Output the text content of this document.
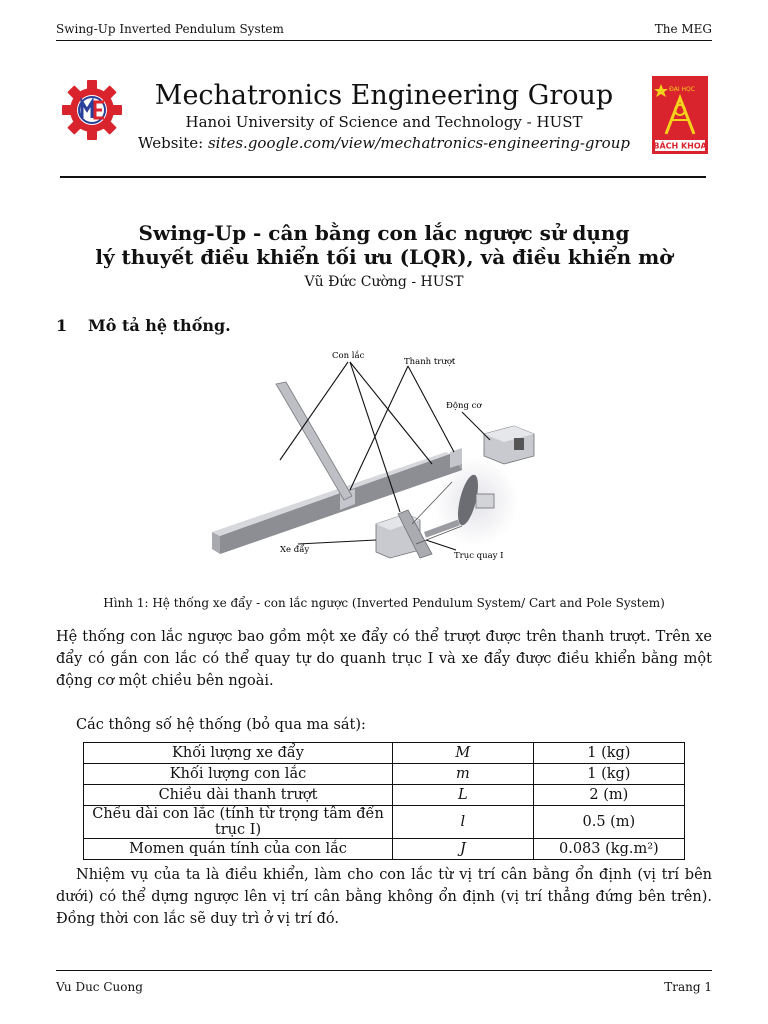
Swing-Up Inverted Pendulum System	The MEG
Mechatronics Engineering Group
Hanoi University of Science and Technology - HUST
Website: sites.google.com/view/mechatronics-engineering-group
ĐẠI HỌC
BÁCH KHOA
Swing-Up - cân bằng con lắc ngược sử dụng
lý thuyết điều khiển tối ưu (LQR), và điều khiển mờ
Vũ Đức Cường - HUST
1 Mô tả hệ thống.
Con lắc
Thanh trượt
Động cơ
Xe đẩy
Trục quay I
Hình 1: Hệ thống xe đẩy - con lắc ngược (Inverted Pendulum System/ Cart and Pole System)
Hệ thống con lắc ngược bao gồm một xe đẩy có thể trượt được trên thanh trượt. Trên xe đẩy có gắn con lắc có thể quay tự do quanh trục I và xe đẩy được điều khiển bằng một động cơ một chiều bên ngoài.
Các thông số hệ thống (bỏ qua ma sát):
Khối lượng xe đẩy	M	1 (kg)
Khối lượng con lắc	m	1 (kg)
Chiều dài thanh trượt	L	2 (m)
Chều dài con lắc (tính từ trọng tâm đến trục I)	l	0.5 (m)
Momen quán tính của con lắc	J	0.083 (kg.m²)
Nhiệm vụ của ta là điều khiển, làm cho con lắc từ vị trí cân bằng ổn định (vị trí bên dưới) có thể dựng ngược lên vị trí cân bằng không ổn định (vị trí thẳng đứng bên trên). Đồng thời con lắc sẽ duy trì ở vị trí đó.
Vu Duc Cuong	Trang 1
